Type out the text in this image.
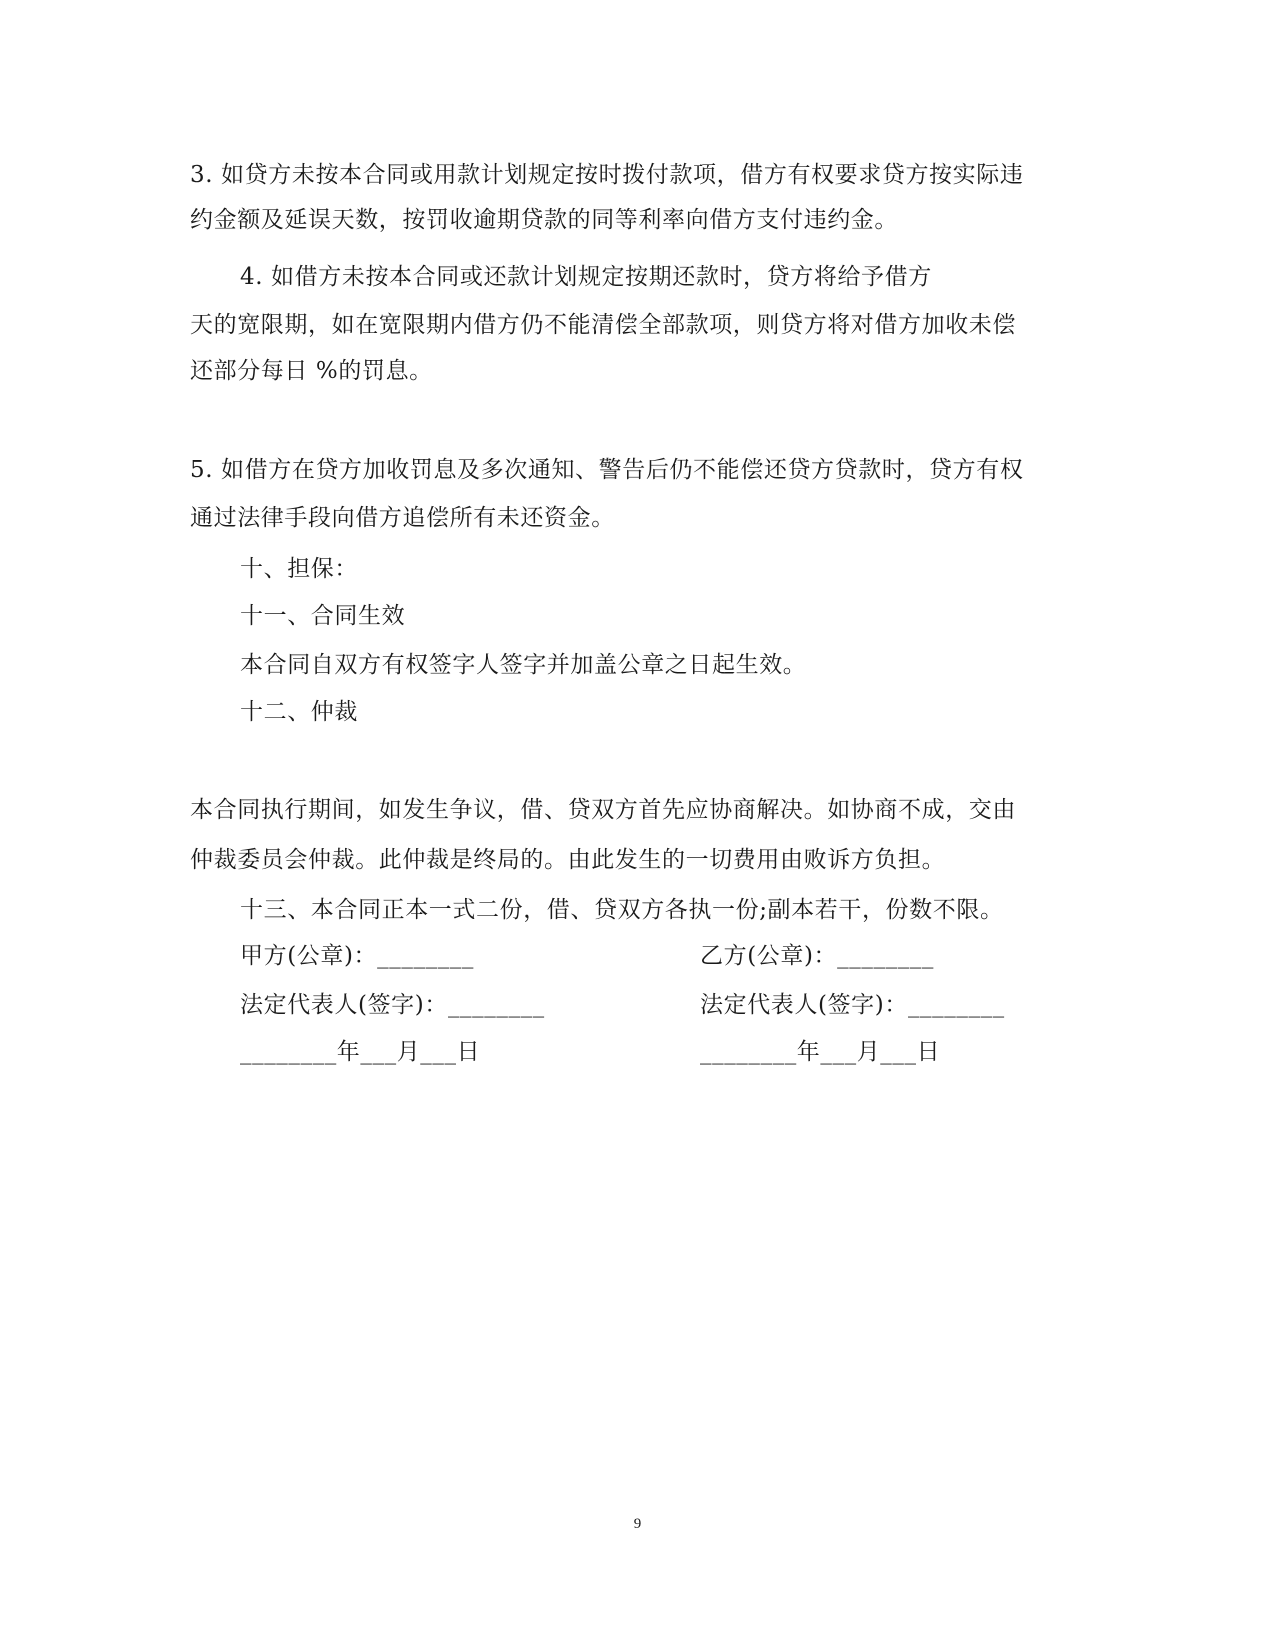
3. 如贷方未按本合同或用款计划规定按时拨付款项，借方有权要求贷方按实际违
约金额及延误天数，按罚收逾期贷款的同等利率向借方支付违约金。
4. 如借方未按本合同或还款计划规定按期还款时，贷方将给予借方
天的宽限期，如在宽限期内借方仍不能清偿全部款项，则贷方将对借方加收未偿
还部分每日 %的罚息。
5. 如借方在贷方加收罚息及多次通知、警告后仍不能偿还贷方贷款时，贷方有权
通过法律手段向借方追偿所有未还资金。
十、担保：
十一、合同生效
本合同自双方有权签字人签字并加盖公章之日起生效。
十二、仲裁
本合同执行期间，如发生争议，借、贷双方首先应协商解决。如协商不成，交由
仲裁委员会仲裁。此仲裁是终局的。由此发生的一切费用由败诉方负担。
十三、本合同正本一式二份，借、贷双方各执一份;副本若干，份数不限。
甲方(公章)：________
法定代表人(签字)：________
________年___月___日
乙方(公章)：________
法定代表人(签字)：________
________年___月___日
9
